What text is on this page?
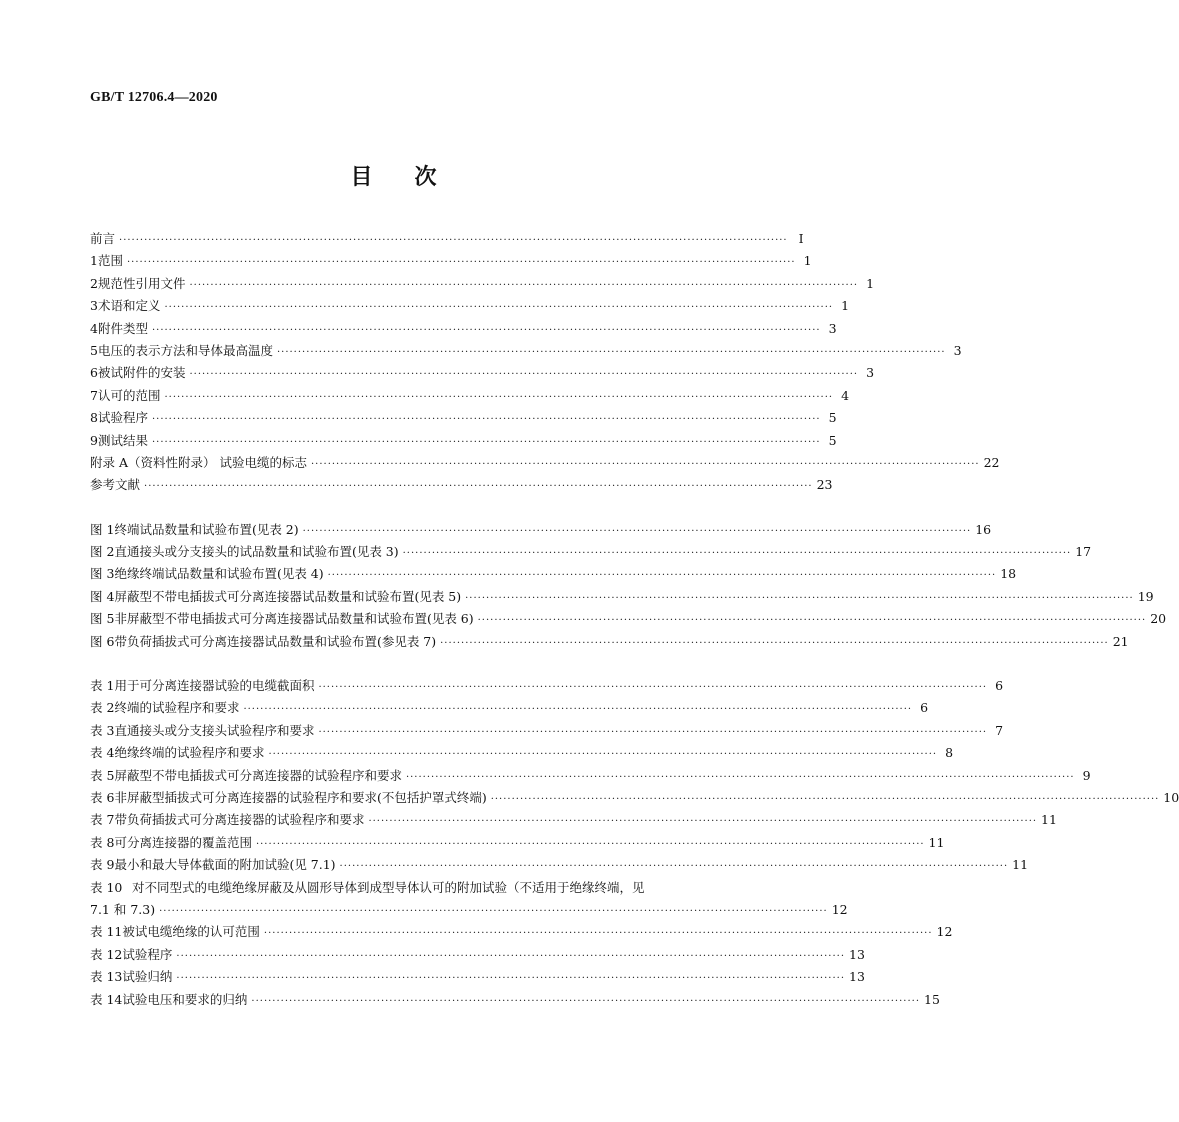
GB/T 12706.4—2020
目 次
前言 ·····	Ⅰ
1 范围 ·····	1
2 规范性引用文件 ·····	1
3 术语和定义 ·····	1
4 附件类型 ·····	3
5 电压的表示方法和导体最高温度 ·····	3
6 被试附件的安装 ·····	3
7 认可的范围 ·····	4
8 试验程序 ·····	5
9 测试结果 ·····	5
附录 A（资料性附录） 试验电缆的标志 ·····	22
参考文献 ·····	23
图 1 终端试品数量和试验布置(见表 2) ·····	16
图 2 直通接头或分支接头的试品数量和试验布置(见表 3) ·····	17
图 3 绝缘终端试品数量和试验布置(见表 4) ·····	18
图 4 屏蔽型不带电插拔式可分离连接器试品数量和试验布置(见表 5) ·····	19
图 5 非屏蔽型不带电插拔式可分离连接器试品数量和试验布置(见表 6) ·····	20
图 6 带负荷插拔式可分离连接器试品数量和试验布置(参见表 7) ·····	21
表 1 用于可分离连接器试验的电缆截面积 ·····	6
表 2 终端的试验程序和要求 ·····	6
表 3 直通接头或分支接头试验程序和要求 ·····	7
表 4 绝缘终端的试验程序和要求 ·····	8
表 5 屏蔽型不带电插拔式可分离连接器的试验程序和要求 ·····	9
表 6 非屏蔽型插拔式可分离连接器的试验程序和要求(不包括护罩式终端) ·····	10
表 7 带负荷插拔式可分离连接器的试验程序和要求 ·····	11
表 8 可分离连接器的覆盖范围 ·····	11
表 9 最小和最大导体截面的附加试验(见 7.1) ·····	11
表 10 对不同型式的电缆绝缘屏蔽及从圆形导体到成型导体认可的附加试验（不适用于绝缘终端，见
7.1 和 7.3) ·····	12
表 11 被试电缆绝缘的认可范围 ·····	12
表 12 试验程序 ·····	13
表 13 试验归纳 ·····	13
表 14 试验电压和要求的归纳 ·····	15
